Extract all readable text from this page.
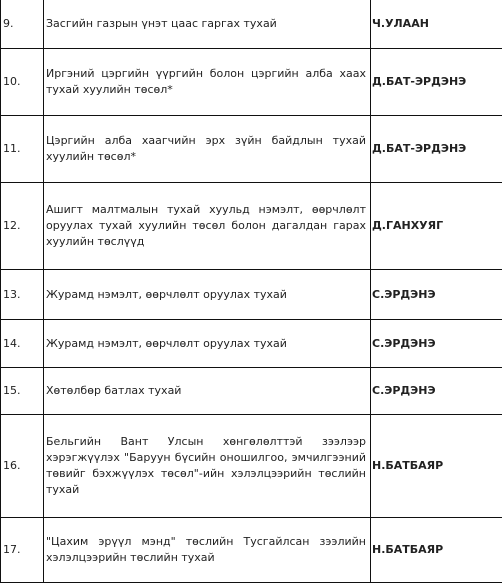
9.	Засгийн газрын үнэт цаас гаргах тухай	Ч.УЛААН
10.	Иргэний цэргийн үүргийн болон цэргийн алба хаах тухай хуулийн төсөл*	Д.БАТ-ЭРДЭНЭ
11.	Цэргийн алба хаагчийн эрх зүйн байдлын тухай хуулийн төсөл*	Д.БАТ-ЭРДЭНЭ
12.	Ашигт малтмалын тухай хуульд нэмэлт, өөрчлөлт оруулах тухай хуулийн төсөл болон дагалдан гарах хуулийн төслүүд	Д.ГАНХУЯГ
13.	Журамд нэмэлт, өөрчлөлт оруулах тухай	С.ЭРДЭНЭ
14.	Журамд нэмэлт, өөрчлөлт оруулах тухай	С.ЭРДЭНЭ
15.	Хөтөлбөр батлах тухай	С.ЭРДЭНЭ
16.	Бельгийн Вант Улсын хөнгөлөлттэй зээлээр хэрэгжүүлэх "Баруун бүсийн оношилгоо, эмчилгээний төвийг бэхжүүлэх төсөл"-ийн хэлэлцээрийн төслийн тухай	Н.БАТБАЯР
17.	"Цахим эрүүл мэнд" төслийн Тусгайлсан зээлийн хэлэлцээрийн төслийн тухай	Н.БАТБАЯР
